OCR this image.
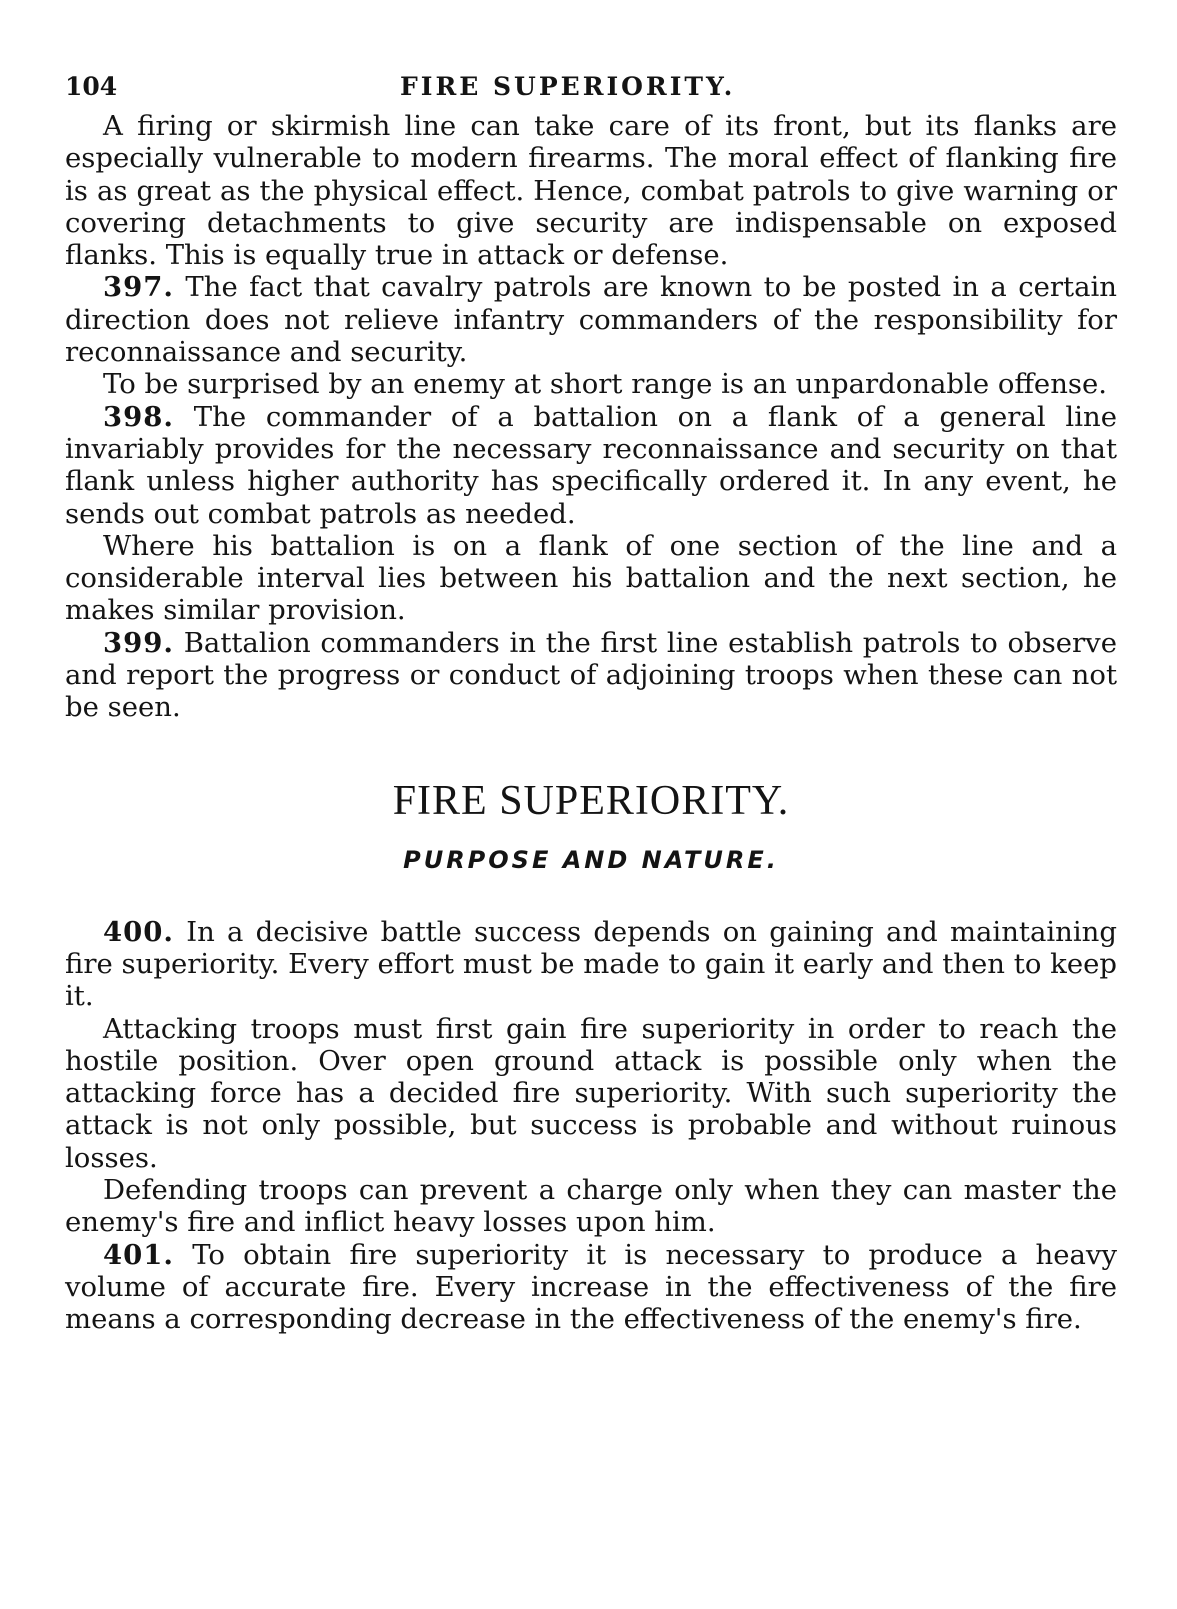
104	FIRE SUPERIORITY.

A firing or skirmish line can take care of its front, but its flanks are especially vulnerable to modern firearms. The moral effect of flanking fire is as great as the physical effect. Hence, combat patrols to give warning or covering detachments to give security are indispensable on exposed flanks. This is equally true in attack or defense.

397. The fact that cavalry patrols are known to be posted in a certain direction does not relieve infantry commanders of the responsibility for reconnaissance and security.

To be surprised by an enemy at short range is an unpardonable offense.

398. The commander of a battalion on a flank of a general line invariably provides for the necessary reconnaissance and security on that flank unless higher authority has specifically ordered it. In any event, he sends out combat patrols as needed.

Where his battalion is on a flank of one section of the line and a considerable interval lies between his battalion and the next section, he makes similar provision.

399. Battalion commanders in the first line establish patrols to observe and report the progress or conduct of adjoining troops when these can not be seen.

FIRE SUPERIORITY.
PURPOSE AND NATURE.

400. In a decisive battle success depends on gaining and maintaining fire superiority. Every effort must be made to gain it early and then to keep it.

Attacking troops must first gain fire superiority in order to reach the hostile position. Over open ground attack is possible only when the attacking force has a decided fire superiority. With such superiority the attack is not only possible, but success is probable and without ruinous losses.

Defending troops can prevent a charge only when they can master the enemy's fire and inflict heavy losses upon him.

401. To obtain fire superiority it is necessary to produce a heavy volume of accurate fire. Every increase in the effectiveness of the fire means a corresponding decrease in the effectiveness of the enemy's fire.
